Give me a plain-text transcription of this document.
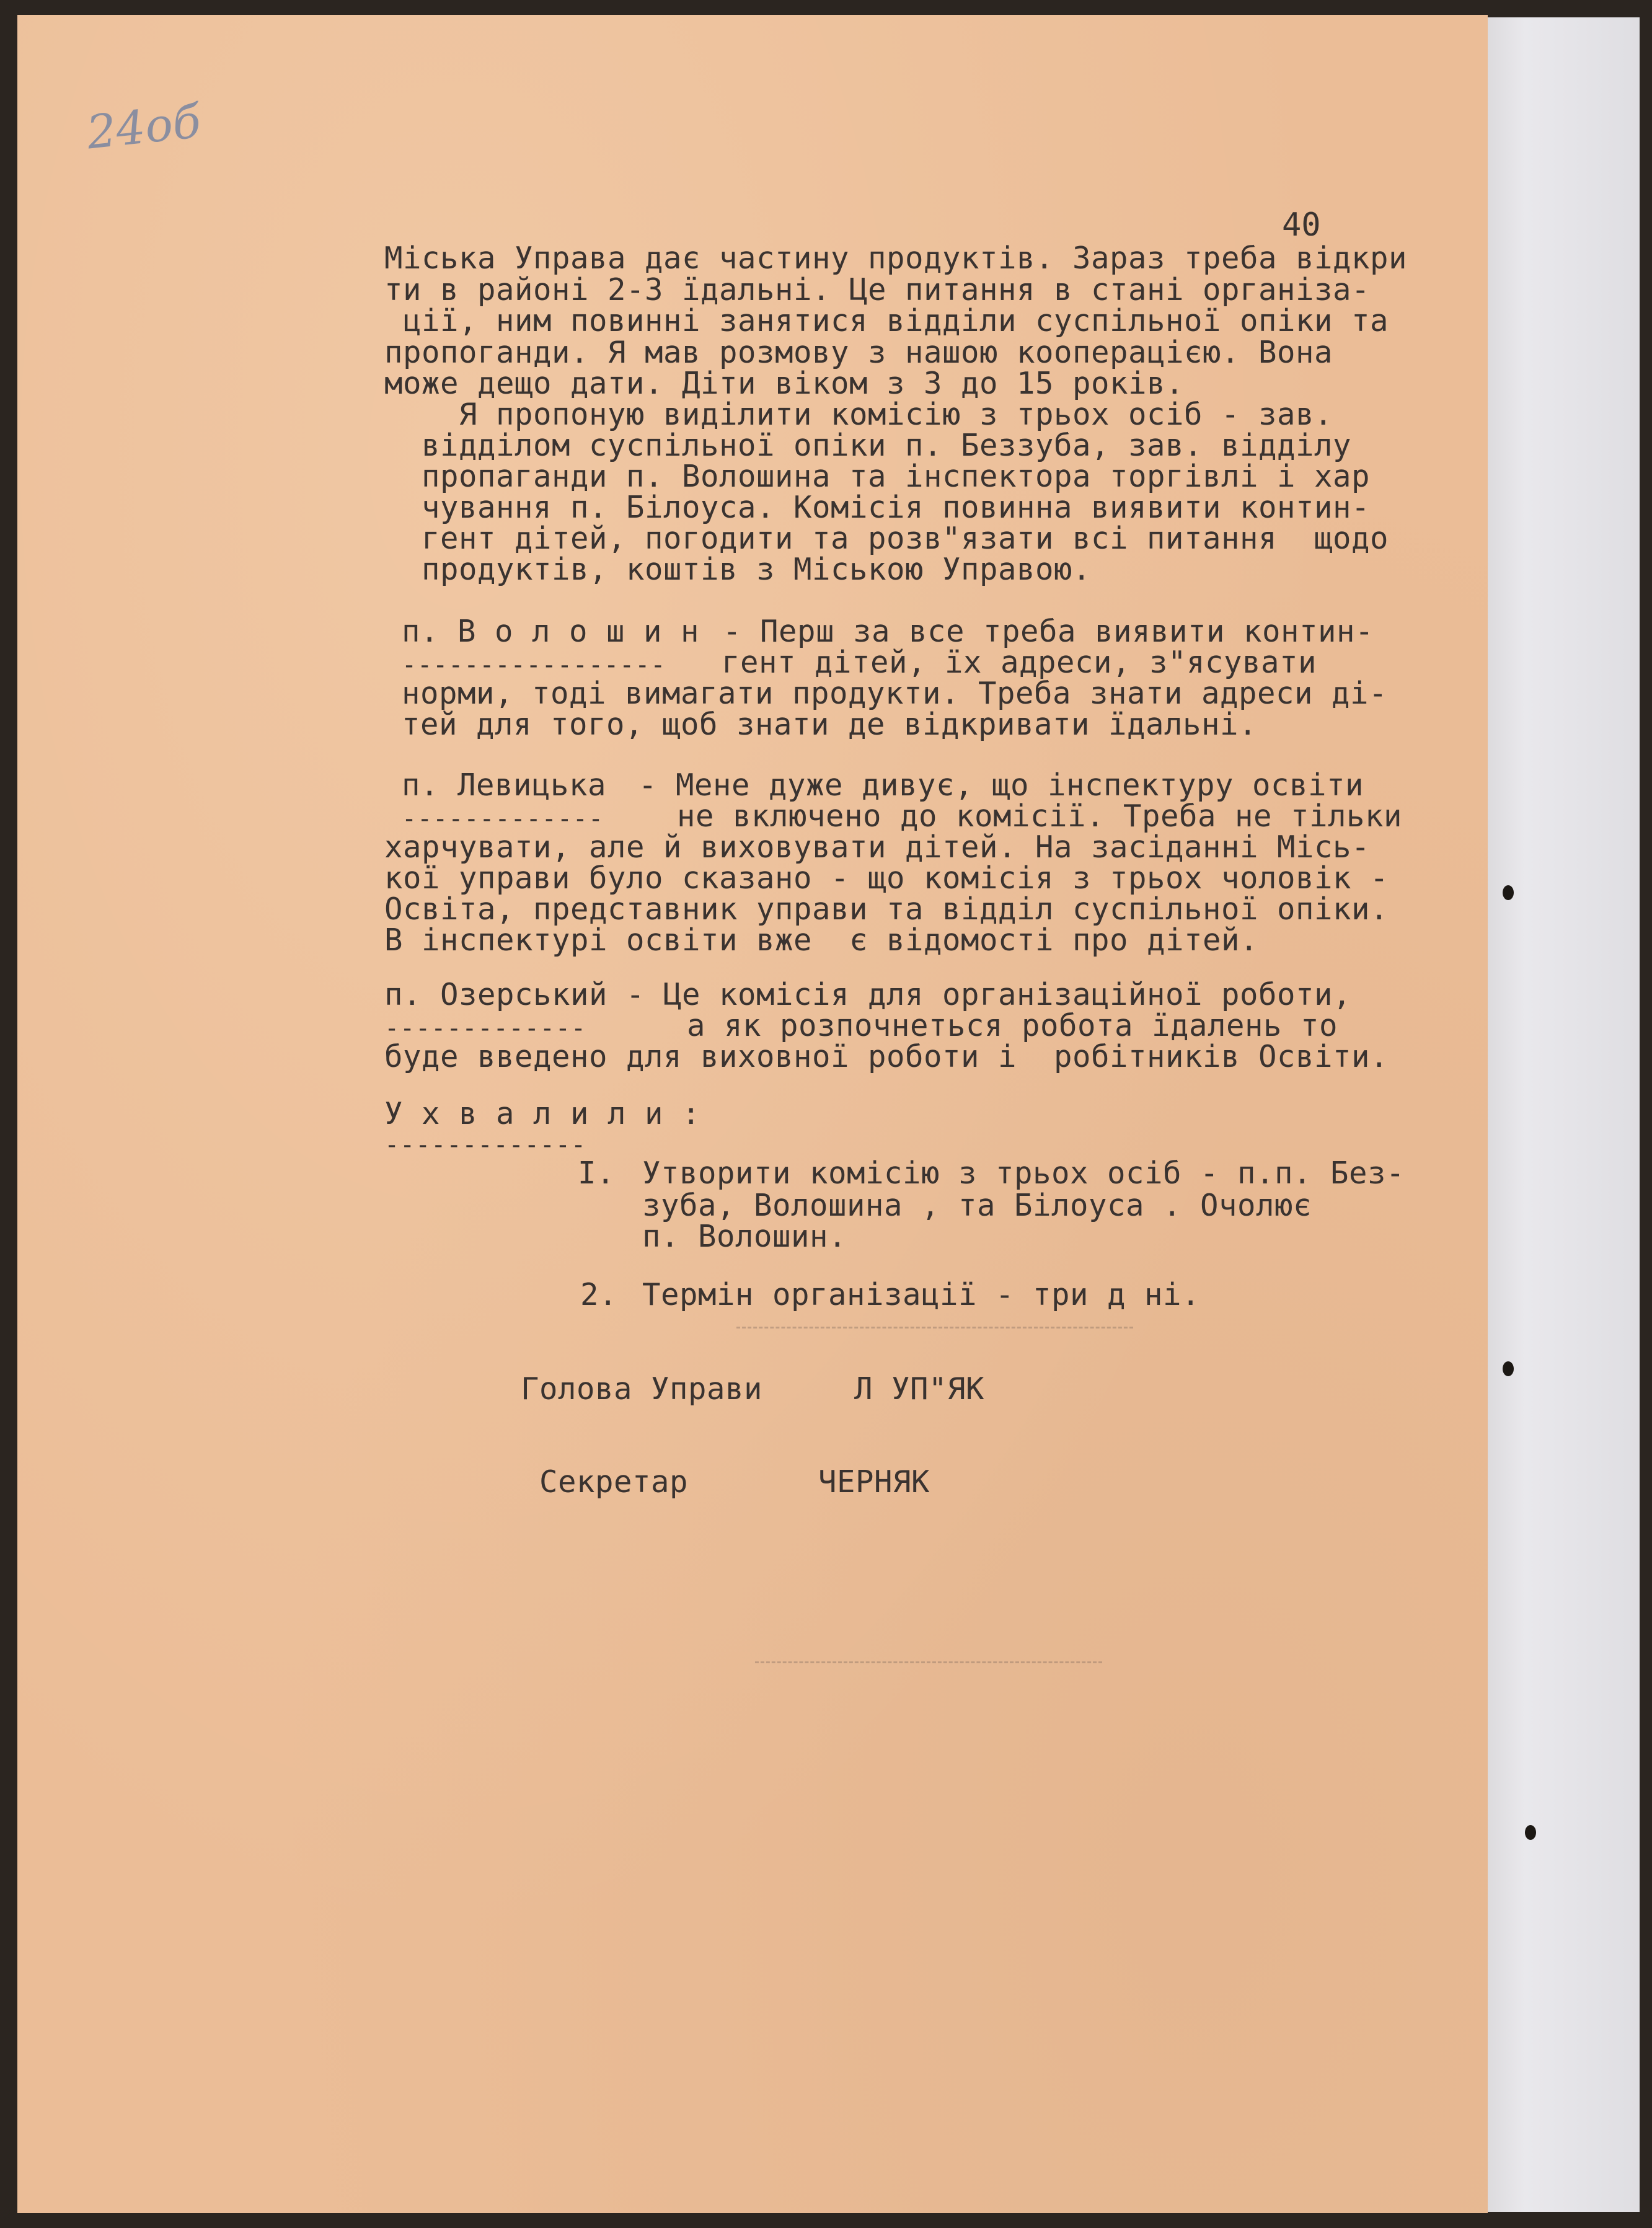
24об
40
Міська Управа дає частину продуктів. Зараз треба відкри
ти в районі 2-3 їдальні. Це питання в стані організа-
ції, ним повинні занятися відділи суспільної опіки та
пропоганди. Я мав розмову з нашою кооперацією. Вона
може дещо дати. Діти віком з 3 до 15 років.
Я пропоную виділити комісію з трьох осіб - зав.
відділом суспільної опіки п. Беззуба, зав. відділу
пропаганди п. Волошина та інспектора торгівлі і хар
чування п. Білоуса. Комісія повинна виявити контин-
гент дітей, погодити та розв"язати всі питання  щодо
продуктів, коштів з Міською Управою.
п. В о л о ш и н - Перш за все треба виявити контин-
----------------- гент дітей, їх адреси, з"ясувати
норми, тоді вимагати продукти. Треба знати адреси ді-
тей для того, щоб знати де відкривати їдальні.
п. Левицька - Мене дуже дивує, що інспектуру освіти
------------- не включено до комісії. Треба не тільки
харчувати, але й виховувати дітей. На засіданні Місь-
кої управи було сказано - що комісія з трьох чоловік -
Освіта, представник управи та відділ суспільної опіки.
В інспектурі освіти вже  є відомості про дітей.
п. Озерський - Це комісія для організаційної роботи,
-------------	а як розпочнеться робота їдалень то
буде введено для виховної роботи і  робітників Освіти.
У х в а л и л и :
-------------
I. Утворити комісію з трьох осіб - п.п. Без-
зуба, Волошина , та Білоуса . Очолює
п. Волошин.
2. Термін організації - три д ні.
Голова Управи	Л УП"ЯК
Секретар	ЧЕРНЯК
